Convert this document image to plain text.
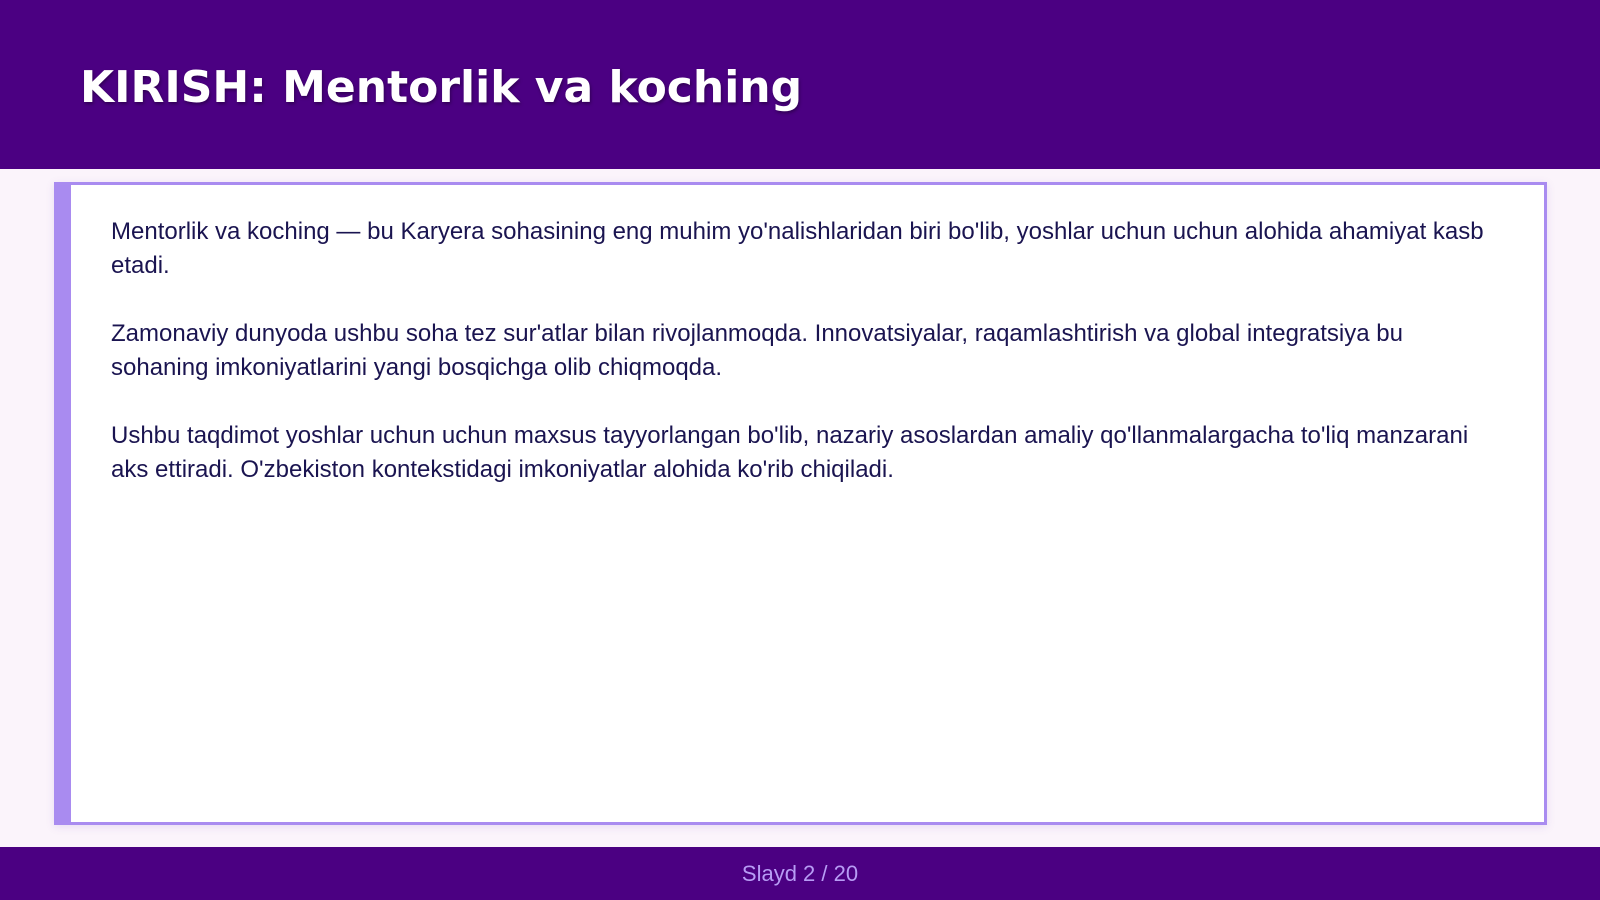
KIRISH: Mentorlik va koching

Mentorlik va koching — bu Karyera sohasining eng muhim yo'nalishlaridan biri bo'lib, yoshlar uchun uchun alohida ahamiyat kasb etadi.

Zamonaviy dunyoda ushbu soha tez sur'atlar bilan rivojlanmoqda. Innovatsiyalar, raqamlashtirish va global integratsiya bu sohaning imkoniyatlarini yangi bosqichga olib chiqmoqda.

Ushbu taqdimot yoshlar uchun uchun maxsus tayyorlangan bo'lib, nazariy asoslardan amaliy qo'llanmalargacha to'liq manzarani aks ettiradi. O'zbekiston kontekstidagi imkoniyatlar alohida ko'rib chiqiladi.

Slayd 2 / 20
